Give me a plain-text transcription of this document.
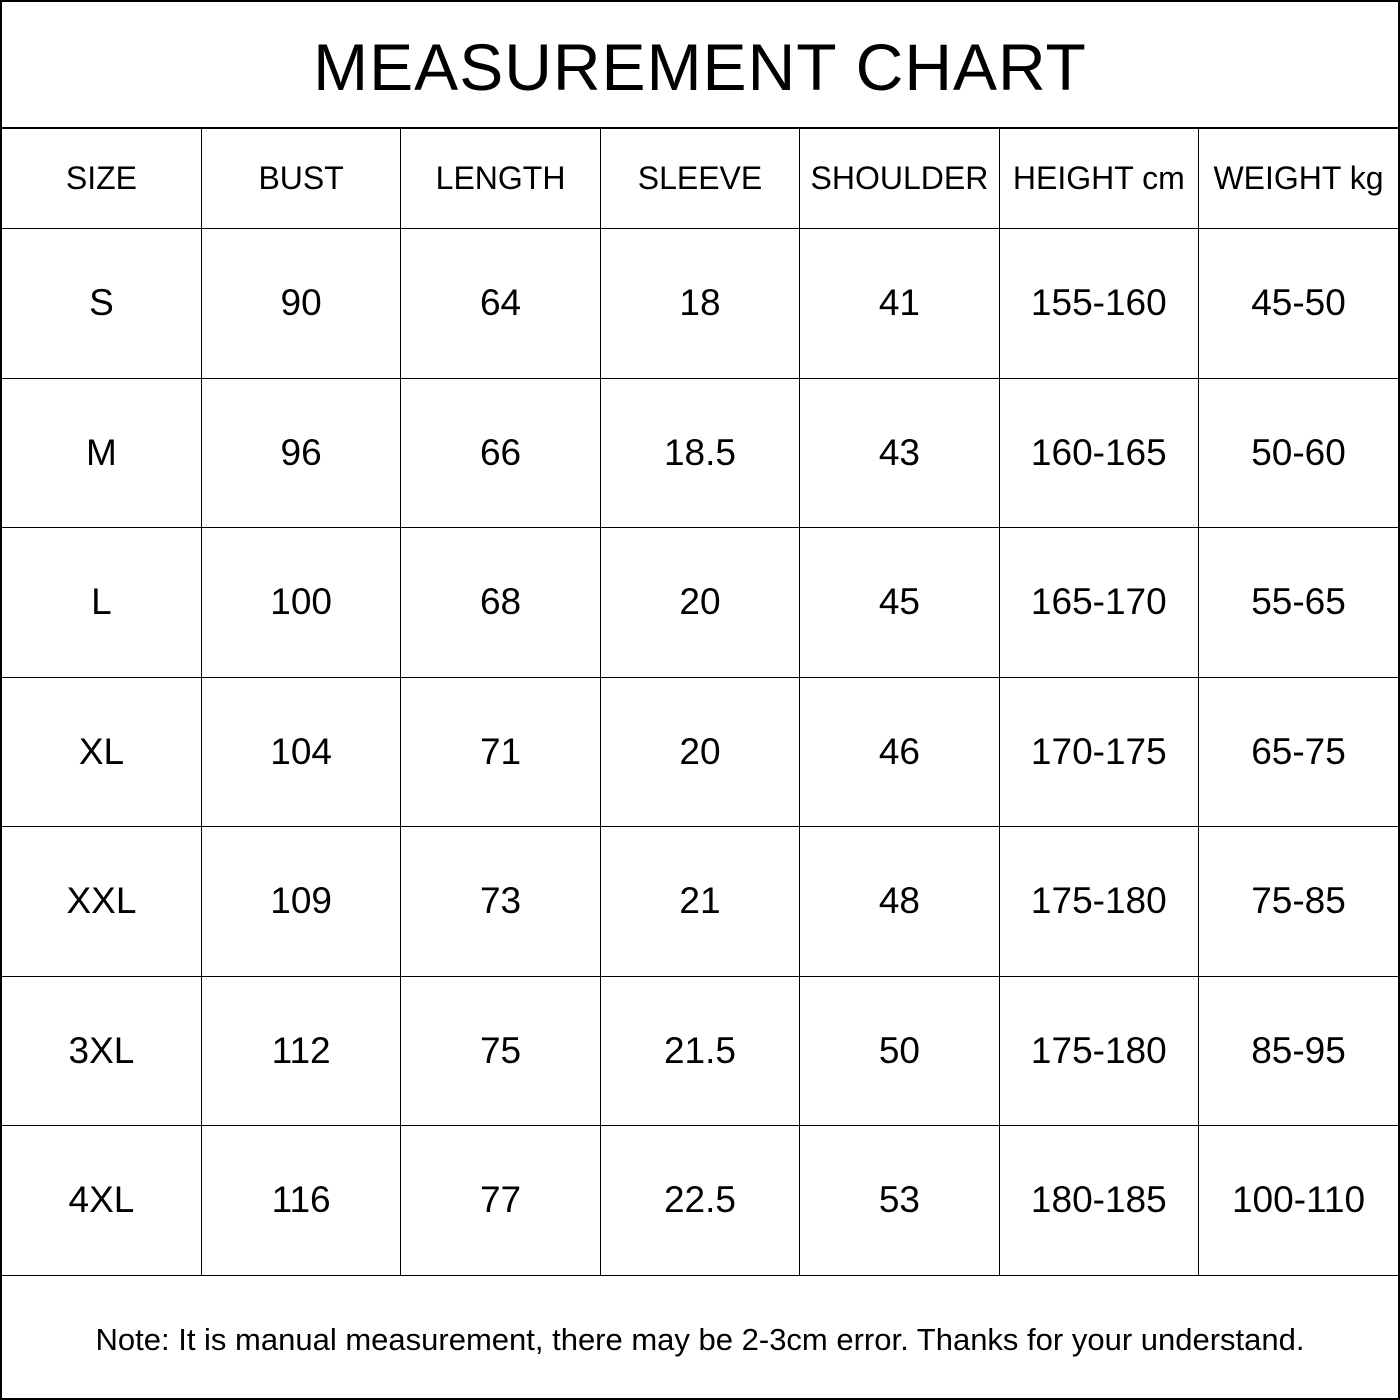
MEASUREMENT CHART
SIZE	BUST	LENGTH	SLEEVE	SHOULDER	HEIGHT cm	WEIGHT kg
S	90	64	18	41	155-160	45-50
M	96	66	18.5	43	160-165	50-60
L	100	68	20	45	165-170	55-65
XL	104	71	20	46	170-175	65-75
XXL	109	73	21	48	175-180	75-85
3XL	112	75	21.5	50	175-180	85-95
4XL	116	77	22.5	53	180-185	100-110
Note: It is manual measurement, there may be 2-3cm error. Thanks for your understand.
